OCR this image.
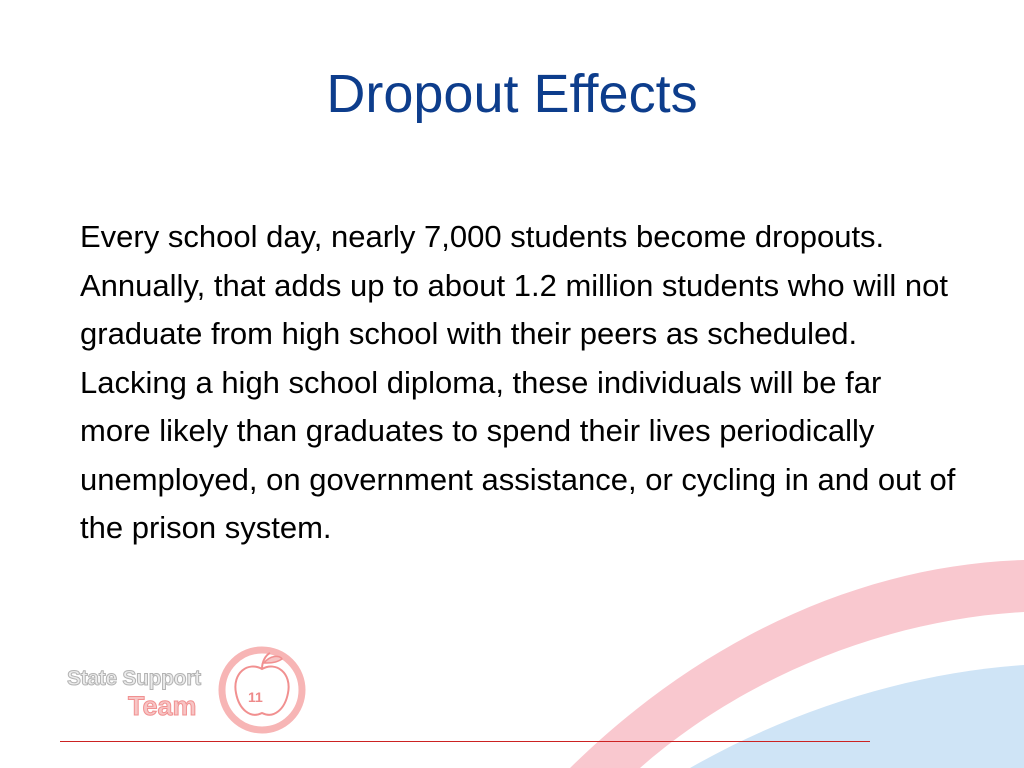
Dropout Effects

Every school day, nearly 7,000 students become dropouts. Annually, that adds up to about 1.2 million students who will not graduate from high school with their peers as scheduled. Lacking a high school diploma, these individuals will be far more likely than graduates to spend their lives periodically unemployed, on government assistance, or cycling in and out of the prison system.

State Support
Team	11
